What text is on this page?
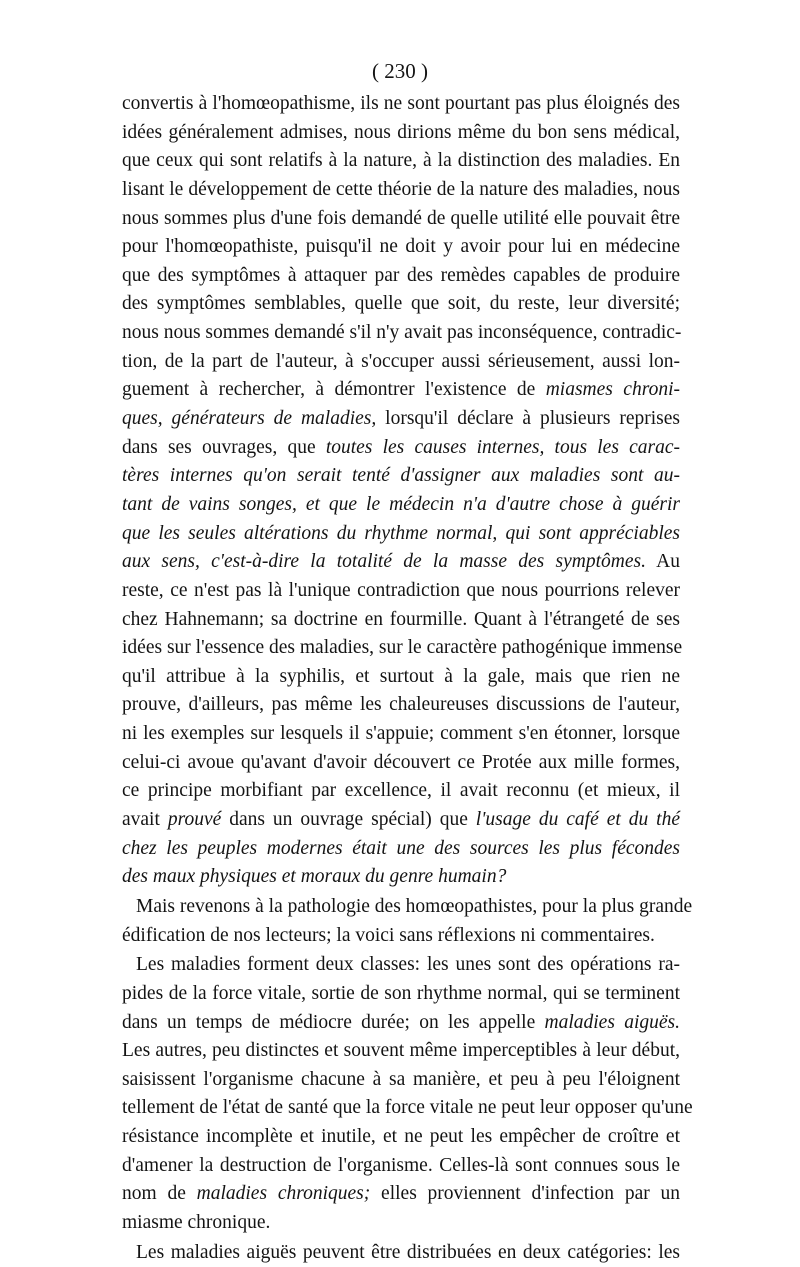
( 230 )
convertis à l'homœopathisme, ils ne sont pourtant pas plus éloignés des
idées généralement admises, nous dirions même du bon sens médical,
que ceux qui sont relatifs à la nature, à la distinction des maladies. En
lisant le développement de cette théorie de la nature des maladies, nous
nous sommes plus d'une fois demandé de quelle utilité elle pouvait être
pour l'homœopathiste, puisqu'il ne doit y avoir pour lui en médecine
que des symptômes à attaquer par des remèdes capables de produire
des symptômes semblables, quelle que soit, du reste, leur diversité;
nous nous sommes demandé s'il n'y avait pas inconséquence, contradic-
tion, de la part de l'auteur, à s'occuper aussi sérieusement, aussi lon-
guement à rechercher, à démontrer l'existence de miasmes chroni-
ques, générateurs de maladies, lorsqu'il déclare à plusieurs reprises
dans ses ouvrages, que toutes les causes internes, tous les carac-
tères internes qu'on serait tenté d'assigner aux maladies sont au-
tant de vains songes, et que le médecin n'a d'autre chose à guérir
que les seules altérations du rhythme normal, qui sont appréciables
aux sens, c'est-à-dire la totalité de la masse des symptômes. Au
reste, ce n'est pas là l'unique contradiction que nous pourrions relever
chez Hahnemann; sa doctrine en fourmille. Quant à l'étrangeté de ses
idées sur l'essence des maladies, sur le caractère pathogénique immense
qu'il attribue à la syphilis, et surtout à la gale, mais que rien ne
prouve, d'ailleurs, pas même les chaleureuses discussions de l'auteur,
ni les exemples sur lesquels il s'appuie; comment s'en étonner, lorsque
celui-ci avoue qu'avant d'avoir découvert ce Protée aux mille formes,
ce principe morbifiant par excellence, il avait reconnu (et mieux, il
avait prouvé dans un ouvrage spécial) que l'usage du café et du thé
chez les peuples modernes était une des sources les plus fécondes
des maux physiques et moraux du genre humain?
Mais revenons à la pathologie des homœopathistes, pour la plus grande
édification de nos lecteurs; la voici sans réflexions ni commentaires.
Les maladies forment deux classes: les unes sont des opérations ra-
pides de la force vitale, sortie de son rhythme normal, qui se terminent
dans un temps de médiocre durée; on les appelle maladies aiguës.
Les autres, peu distinctes et souvent même imperceptibles à leur début,
saisissent l'organisme chacune à sa manière, et peu à peu l'éloignent
tellement de l'état de santé que la force vitale ne peut leur opposer qu'une
résistance incomplète et inutile, et ne peut les empêcher de croître et
d'amener la destruction de l'organisme. Celles-là sont connues sous le
nom de maladies chroniques; elles proviennent d'infection par un
miasme chronique.
Les maladies aiguës peuvent être distribuées en deux catégories: les
